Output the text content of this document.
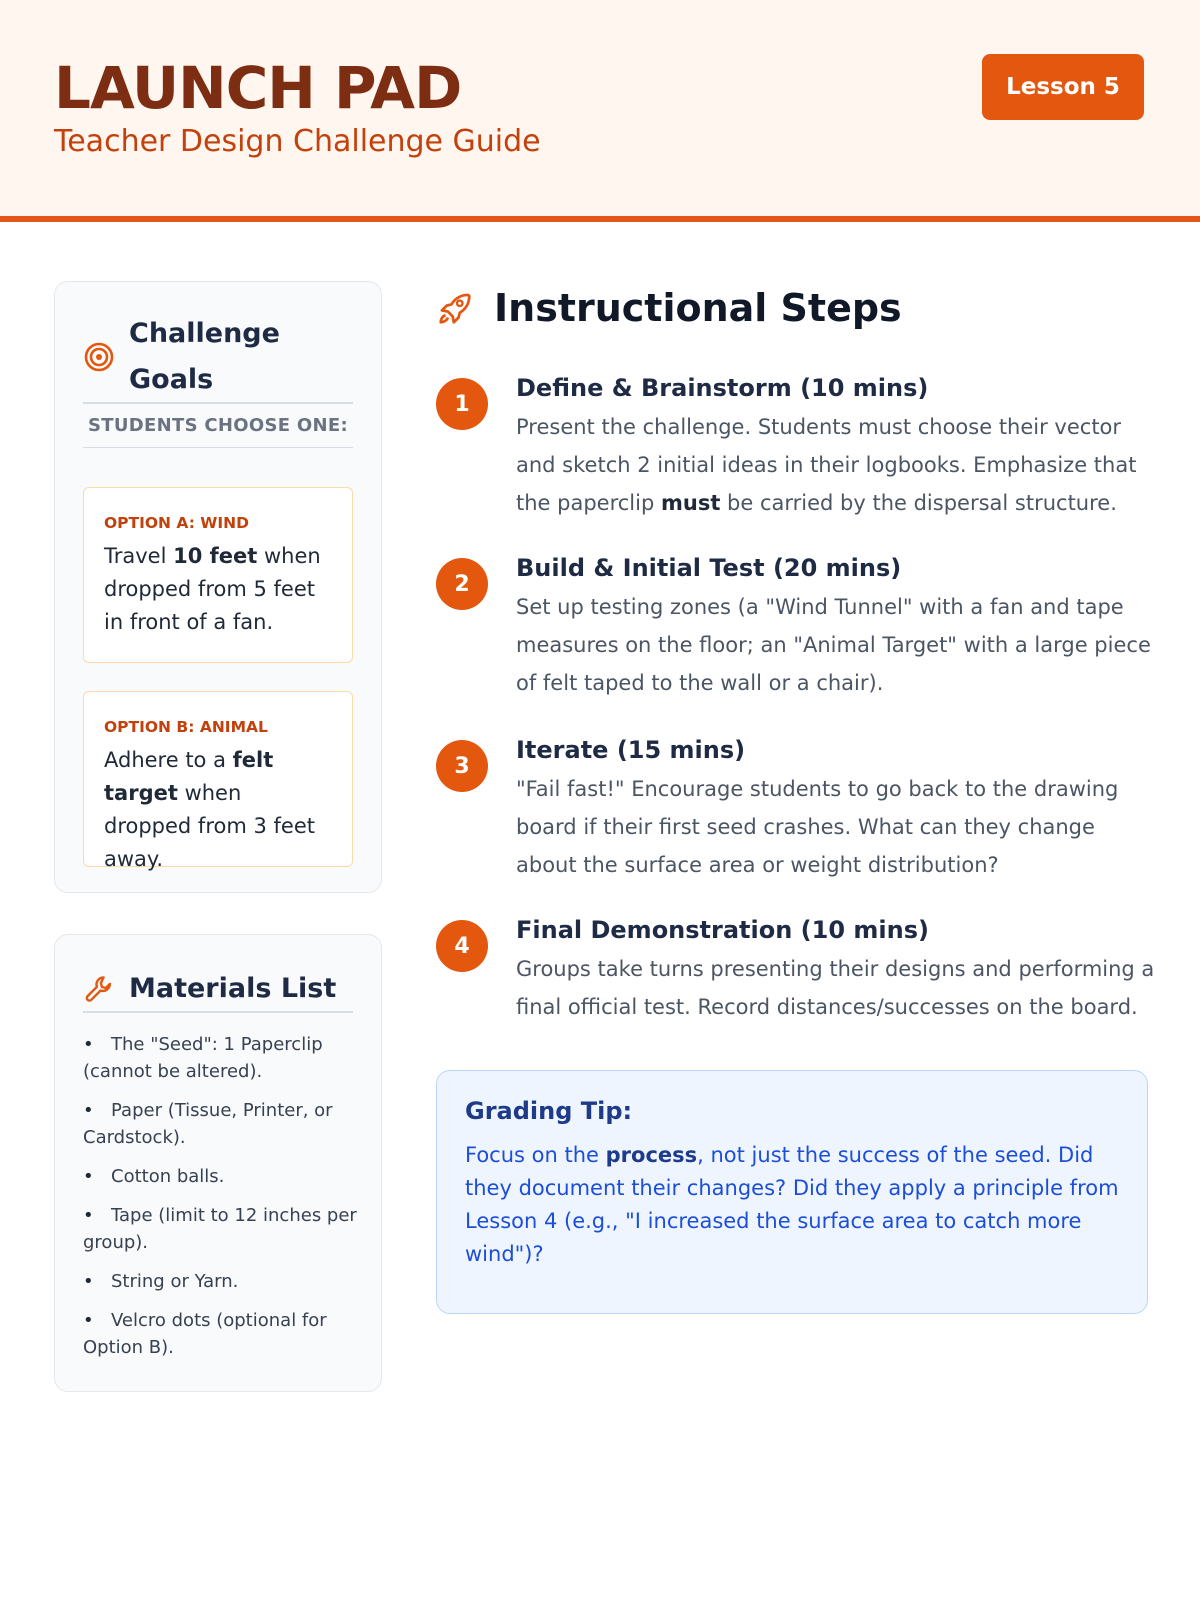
LAUNCH PAD
Teacher Design Challenge Guide
Lesson 5
Challenge Goals
STUDENTS CHOOSE ONE:
OPTION A: WIND
Travel 10 feet when dropped from 5 feet in front of a fan.
OPTION B: ANIMAL
Adhere to a felt target when dropped from 3 feet away.
Materials List
• The "Seed": 1 Paperclip (cannot be altered).
• Paper (Tissue, Printer, or Cardstock).
• Cotton balls.
• Tape (limit to 12 inches per group).
• String or Yarn.
• Velcro dots (optional for Option B).
Instructional Steps
1
Define & Brainstorm (10 mins)
Present the challenge. Students must choose their vector and sketch 2 initial ideas in their logbooks. Emphasize that the paperclip must be carried by the dispersal structure.
2
Build & Initial Test (20 mins)
Set up testing zones (a "Wind Tunnel" with a fan and tape measures on the floor; an "Animal Target" with a large piece of felt taped to the wall or a chair).
3
Iterate (15 mins)
"Fail fast!" Encourage students to go back to the drawing board if their first seed crashes. What can they change about the surface area or weight distribution?
4
Final Demonstration (10 mins)
Groups take turns presenting their designs and performing a final official test. Record distances/successes on the board.
Grading Tip:
Focus on the process, not just the success of the seed. Did they document their changes? Did they apply a principle from Lesson 4 (e.g., "I increased the surface area to catch more wind")?
